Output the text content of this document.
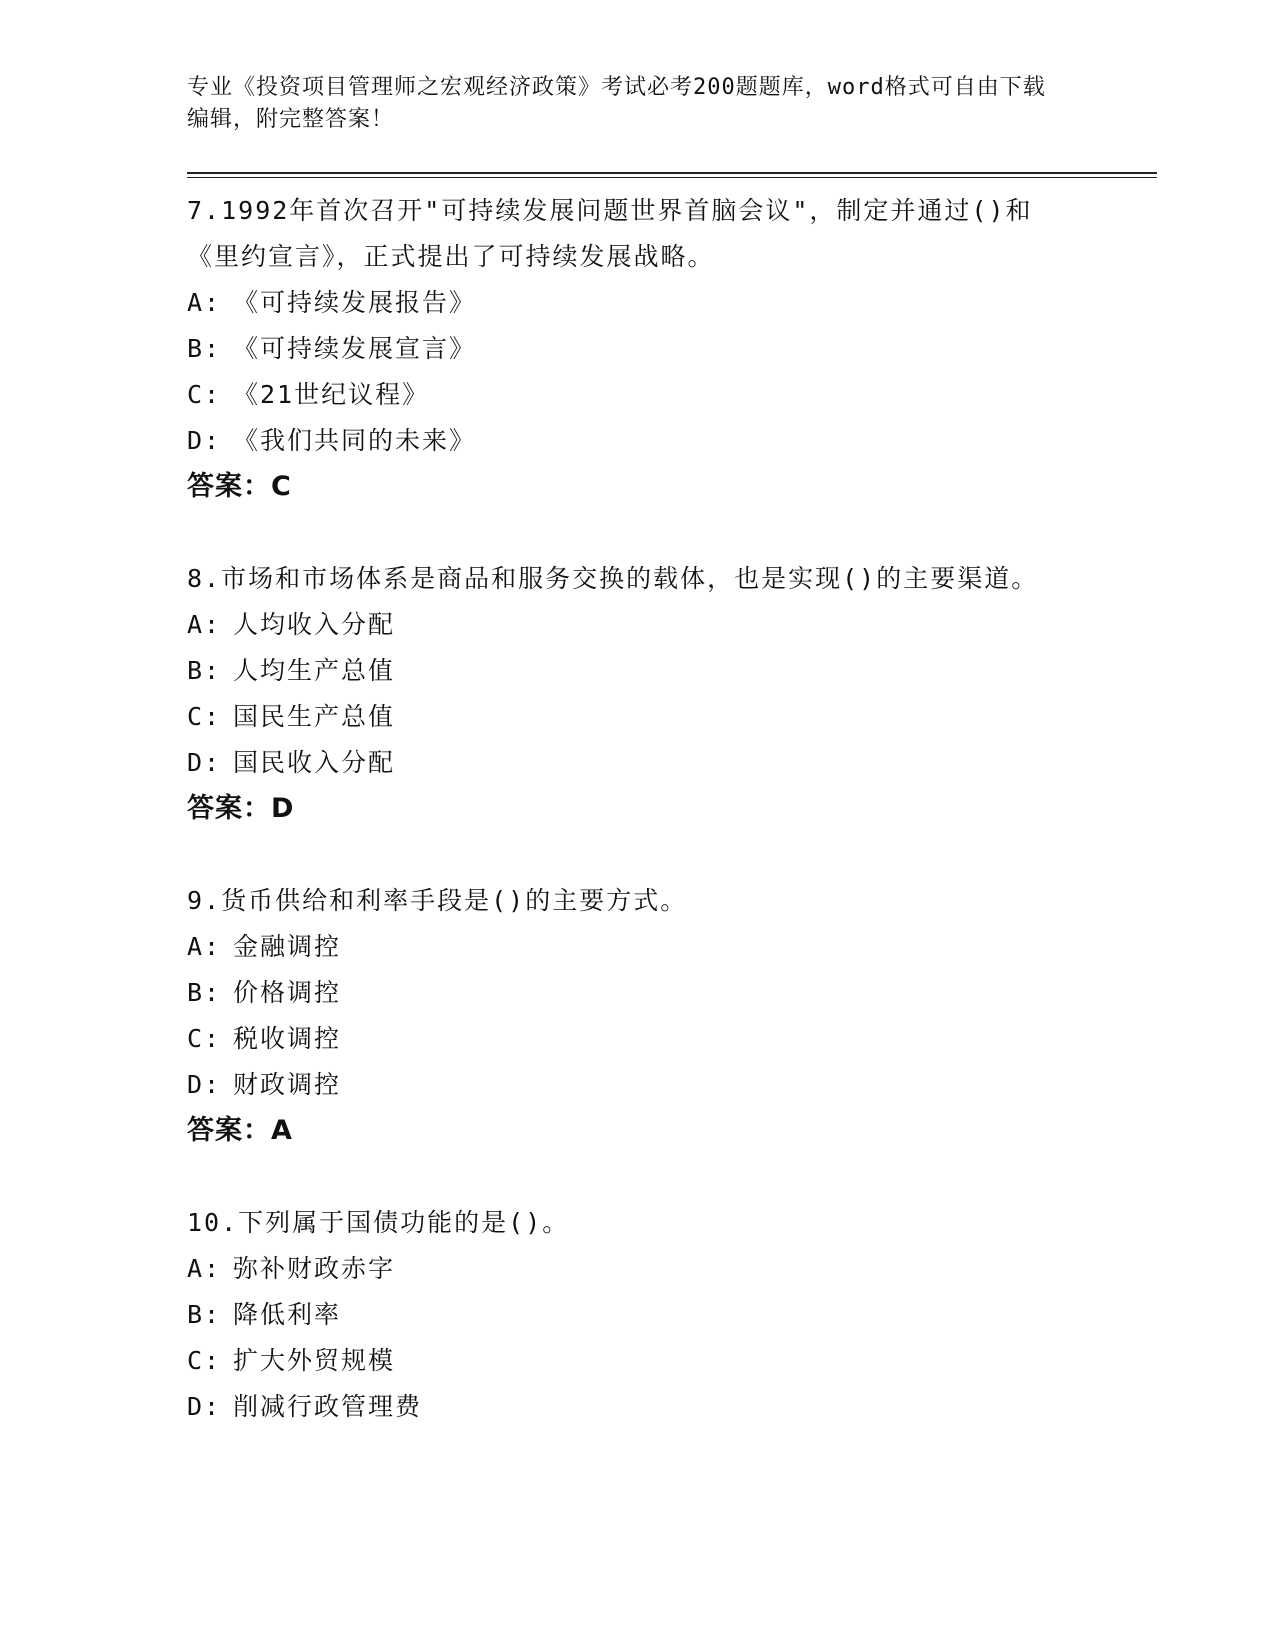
专业《投资项目管理师之宏观经济政策》考试必考200题题库，word格式可自由下载编辑，附完整答案！

7.1992年首次召开"可持续发展问题世界首脑会议"，制定并通过()和《里约宣言》，正式提出了可持续发展战略。

A: 《可持续发展报告》

B: 《可持续发展宣言》

C: 《21世纪议程》

D: 《我们共同的未来》

答案：C

8.市场和市场体系是商品和服务交换的载体，也是实现()的主要渠道。

A: 人均收入分配

B: 人均生产总值

C: 国民生产总值

D: 国民收入分配

答案：D

9.货币供给和利率手段是()的主要方式。

A: 金融调控

B: 价格调控

C: 税收调控

D: 财政调控

答案：A

10.下列属于国债功能的是()。

A: 弥补财政赤字

B: 降低利率

C: 扩大外贸规模

D: 削减行政管理费
